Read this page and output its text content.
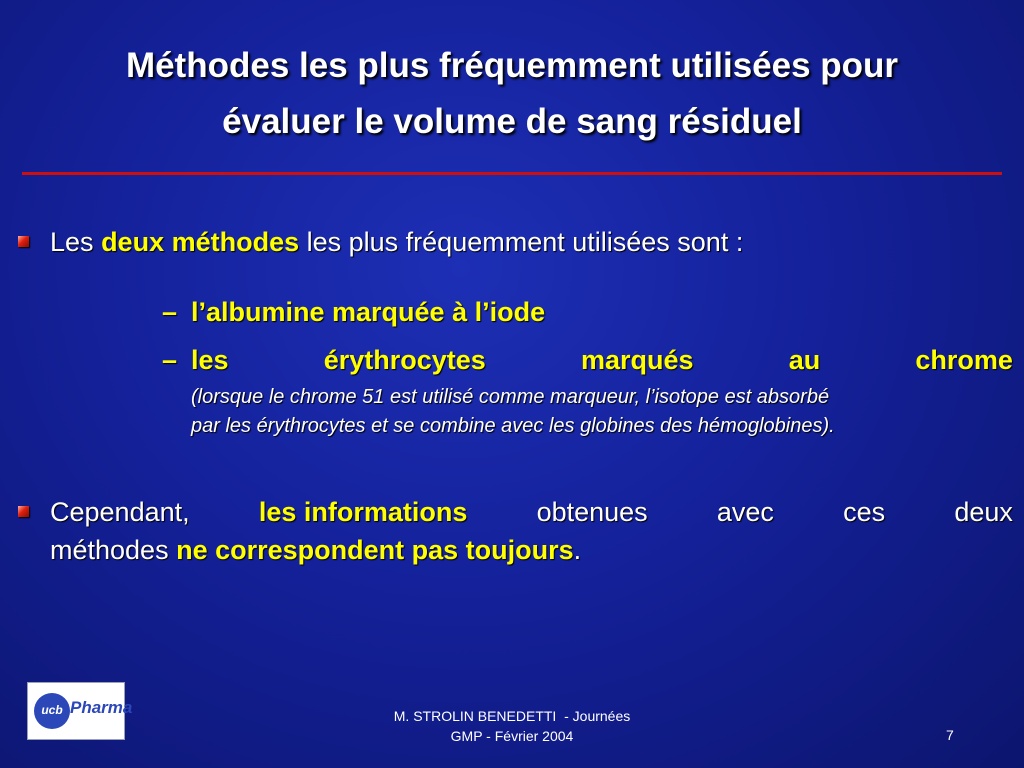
Méthodes les plus fréquemment utilisées pour
évaluer le volume de sang résiduel
Les deux méthodes les plus fréquemment utilisées sont :
– l’albumine marquée à l’iode
– les	érythrocytes	marqués	au	chrome
(lorsque le chrome 51 est utilisé comme marqueur, l’isotope est absorbé
par les érythrocytes et se combine avec les globines des hémoglobines).
Cependant,	les informations	obtenues	avec	ces	deux
méthodes ne correspondent pas toujours.
ucb Pharma	M. STROLIN BENEDETTI  - Journées
GMP - Février 2004	7
